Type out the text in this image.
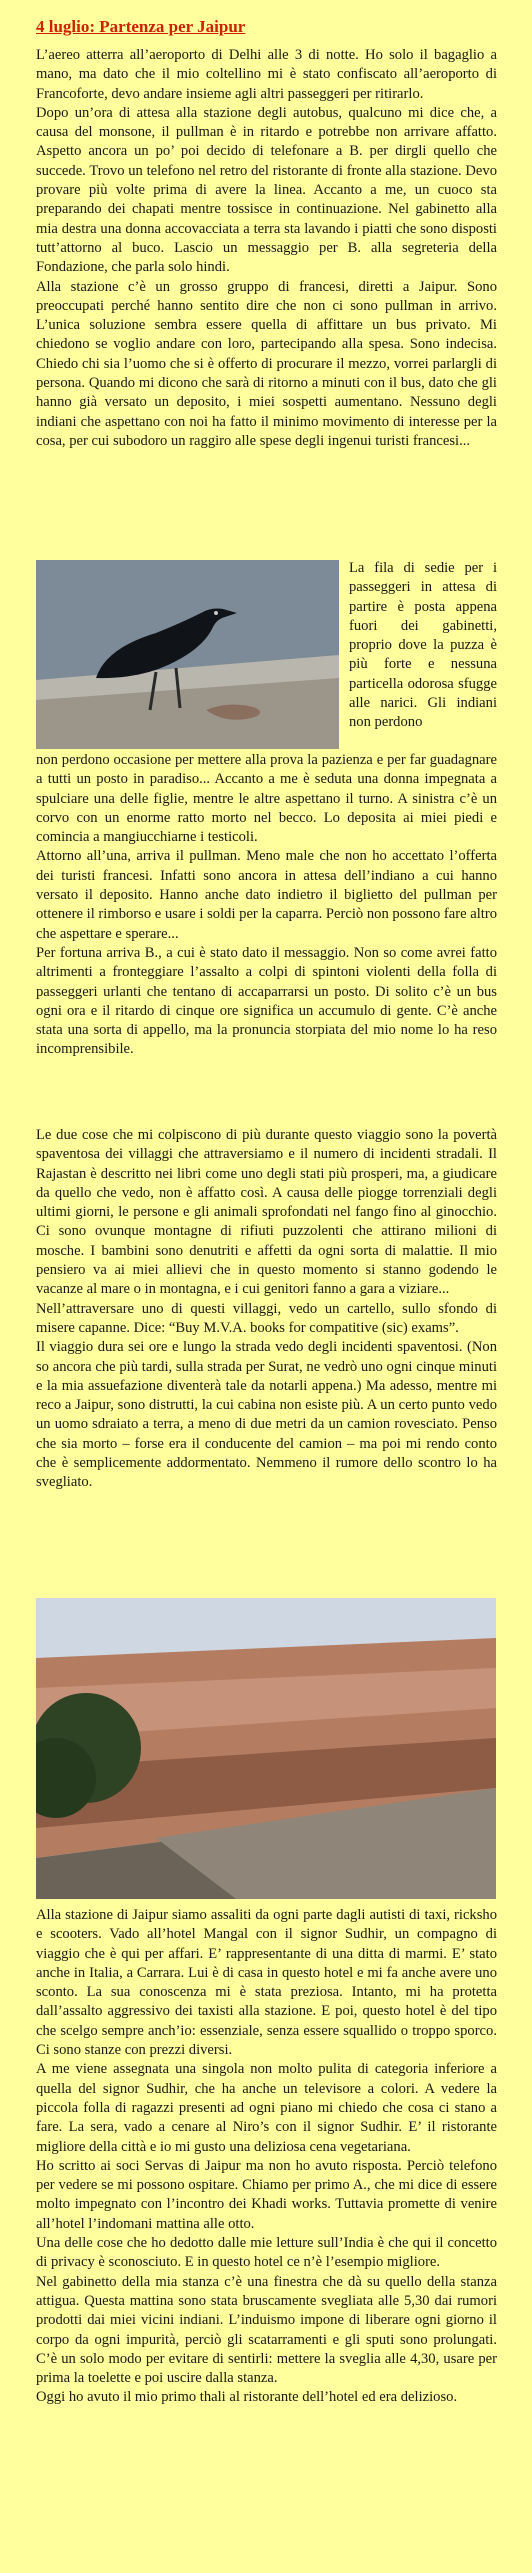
4 luglio: Partenza per Jaipur

L’aereo atterra all’aeroporto di Delhi alle 3 di notte. Ho solo il bagaglio a mano, ma dato che il mio coltellino mi è stato confiscato all’aeroporto di Francoforte, devo andare insieme agli altri passeggeri per ritirarlo.

Dopo un’ora di attesa alla stazione degli autobus, qualcuno mi dice che, a causa del monsone, il pullman è in ritardo e potrebbe non arrivare affatto. Aspetto ancora un po’ poi decido di telefonare a B. per dirgli quello che succede. Trovo un telefono nel retro del ristorante di fronte alla stazione. Devo provare più volte prima di avere la linea. Accanto a me, un cuoco sta preparando dei chapati mentre tossisce in continuazione. Nel gabinetto alla mia destra una donna accovacciata a terra sta lavando i piatti che sono disposti tutt’attorno al buco. Lascio un messaggio per B. alla segreteria della Fondazione, che parla solo hindi.

Alla stazione c’è un grosso gruppo di francesi, diretti a Jaipur. Sono preoccupati perché hanno sentito dire che non ci sono pullman in arrivo. L’unica soluzione sembra essere quella di affittare un bus privato. Mi chiedono se voglio andare con loro, partecipando alla spesa. Sono indecisa. Chiedo chi sia l’uomo che si è offerto di procurare il mezzo, vorrei parlargli di persona. Quando mi dicono che sarà di ritorno a minuti con il bus, dato che gli hanno già versato un deposito, i miei sospetti aumentano. Nessuno degli indiani che aspettano con noi ha fatto il minimo movimento di interesse per la cosa, per cui subodoro un raggiro alle spese degli ingenui turisti francesi...

La fila di sedie per i passeggeri in attesa di partire è posta appena fuori dei gabinetti, proprio dove la puzza è più forte e nessuna particella odorosa sfugge alle narici. Gli indiani non perdono

non perdono occasione per mettere alla prova la pazienza e per far guadagnare a tutti un posto in paradiso... Accanto a me è seduta una donna impegnata a spulciare una delle figlie, mentre le altre aspettano il turno. A sinistra c’è un corvo con un enorme ratto morto nel becco. Lo deposita ai miei piedi e comincia a mangiucchiarne i testicoli.

Attorno all’una, arriva il pullman. Meno male che non ho accettato l’offerta dei turisti francesi. Infatti sono ancora in attesa dell’indiano a cui hanno versato il deposito. Hanno anche dato indietro il biglietto del pullman per ottenere il rimborso e usare i soldi per la caparra. Perciò non possono fare altro che aspettare e sperare...

Per fortuna arriva B., a cui è stato dato il messaggio. Non so come avrei fatto altrimenti a fronteggiare l’assalto a colpi di spintoni violenti della folla di passeggeri urlanti che tentano di accaparrarsi un posto. Di solito c’è un bus ogni ora e il ritardo di cinque ore significa un accumulo di gente. C’è anche stata una sorta di appello, ma la pronuncia storpiata del mio nome lo ha reso incomprensibile.

Le due cose che mi colpiscono di più durante questo viaggio sono la povertà spaventosa dei villaggi che attraversiamo e il numero di incidenti stradali. Il Rajastan è descritto nei libri come uno degli stati più prosperi, ma, a giudicare da quello che vedo, non è affatto così. A causa delle piogge torrenziali degli ultimi giorni, le persone e gli animali sprofondati nel fango fino al ginocchio. Ci sono ovunque montagne di rifiuti puzzolenti che attirano milioni di mosche. I bambini sono denutriti e affetti da ogni sorta di malattie. Il mio pensiero va ai miei allievi che in questo momento si stanno godendo le vacanze al mare o in montagna, e i cui genitori fanno a gara a viziare...

Nell’attraversare uno di questi villaggi, vedo un cartello, sullo sfondo di misere capanne. Dice: “Buy M.V.A. books for compatitive (sic) exams”.

Il viaggio dura sei ore e lungo la strada vedo degli incidenti spaventosi. (Non so ancora che più tardi, sulla strada per Surat, ne vedrò uno ogni cinque minuti e la mia assuefazione diventerà tale da notarli appena.) Ma adesso, mentre mi reco a Jaipur, sono distrutti, la cui cabina non esiste più. A un certo punto vedo un uomo sdraiato a terra, a meno di due metri da un camion rovesciato. Penso che sia morto – forse era il conducente del camion – ma poi mi rendo conto che è semplicemente addormentato. Nemmeno il rumore dello scontro lo ha svegliato.

Alla stazione di Jaipur siamo assaliti da ogni parte dagli autisti di taxi, ricksho e scooters. Vado all’hotel Mangal con il signor Sudhir, un compagno di viaggio che è qui per affari. E’ rappresentante di una ditta di marmi. E’ stato anche in Italia, a Carrara. Lui è di casa in questo hotel e mi fa anche avere uno sconto. La sua conoscenza mi è stata preziosa. Intanto, mi ha protetta dall’assalto aggressivo dei taxisti alla stazione. E poi, questo hotel è del tipo che scelgo sempre anch’io: essenziale, senza essere squallido o troppo sporco. Ci sono stanze con prezzi diversi.

A me viene assegnata una singola non molto pulita di categoria inferiore a quella del signor Sudhir, che ha anche un televisore a colori. A vedere la piccola folla di ragazzi presenti ad ogni piano mi chiedo che cosa ci stano a fare. La sera, vado a cenare al Niro’s con il signor Sudhir. E’ il ristorante migliore della città e io mi gusto una deliziosa cena vegetariana.

Ho scritto ai soci Servas di Jaipur ma non ho avuto risposta. Perciò telefono per vedere se mi possono ospitare. Chiamo per primo A., che mi dice di essere molto impegnato con l’incontro dei Khadi works. Tuttavia promette di venire all’hotel l’indomani mattina alle otto.

Una delle cose che ho dedotto dalle mie letture sull’India è che qui il concetto di privacy è sconosciuto. E in questo hotel ce n’è l’esempio migliore.

Nel gabinetto della mia stanza c’è una finestra che dà su quello della stanza attigua. Questa mattina sono stata bruscamente svegliata alle 5,30 dai rumori prodotti dai miei vicini indiani. L’induismo impone di liberare ogni giorno il corpo da ogni impurità, perciò gli scatarramenti e gli sputi sono prolungati. C’è un solo modo per evitare di sentirli: mettere la sveglia alle 4,30, usare per prima la toelette e poi uscire dalla stanza.

Oggi ho avuto il mio primo thali al ristorante dell’hotel ed era delizioso.
